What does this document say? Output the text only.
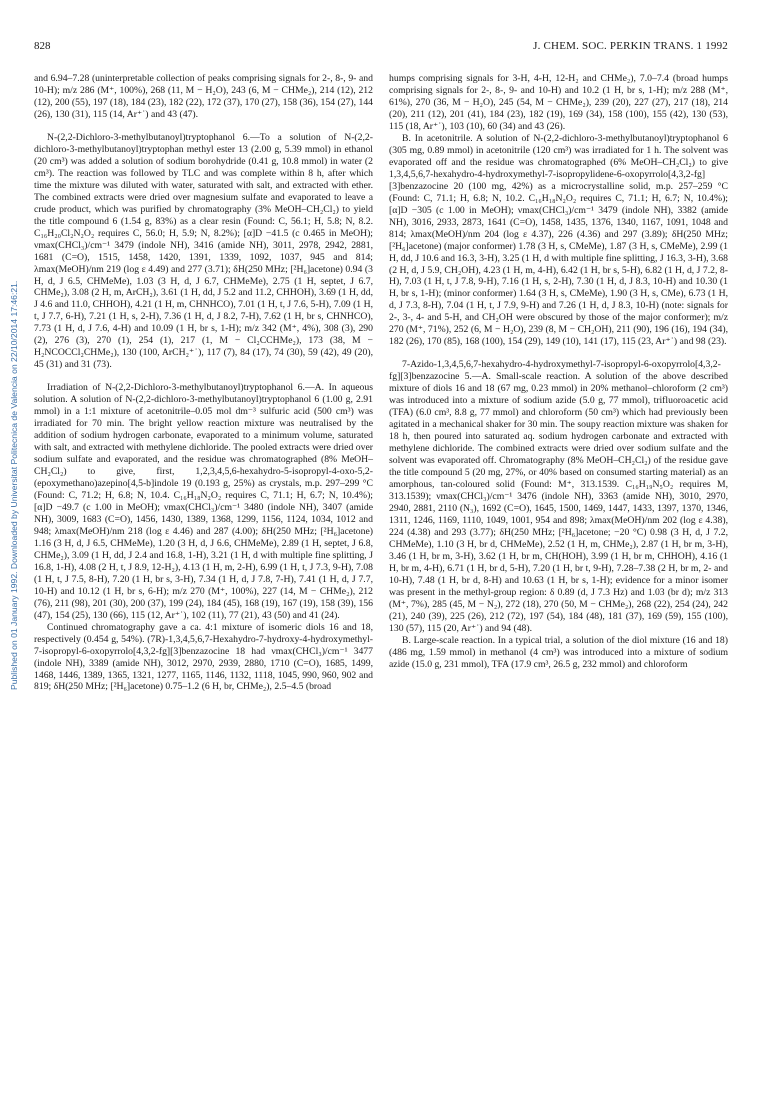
828	J. CHEM. SOC. PERKIN TRANS. 1 1992
Published on 01 January 1992. Downloaded by Universitat Politecnica de Valencia on 22/10/2014 17:46:21.

and 6.94–7.28 (uninterpretable collection of peaks comprising signals for 2-, 8-, 9- and 10-H); m/z 286 (M⁺, 100%), 268 (11, M − H₂O), 243 (6, M − CHMe₂), 214 (12), 212 (12), 200 (55), 197 (18), 184 (23), 182 (22), 172 (37), 170 (27), 158 (36), 154 (27), 144 (26), 130 (31), 115 (14, Ar⁺˙) and 43 (47).

N-(2,2-Dichloro-3-methylbutanoyl)tryptophanol 6.—To a solution of N-(2,2-dichloro-3-methylbutanoyl)tryptophan methyl ester 13 (2.00 g, 5.39 mmol) in ethanol (20 cm³) was added a solution of sodium borohydride (0.41 g, 10.8 mmol) in water (2 cm³). The reaction was followed by TLC and was complete within 8 h, after which time the mixture was diluted with water, saturated with salt, and extracted with ether. The combined extracts were dried over magnesium sulfate and evaporated to leave a crude product, which was purified by chromatography (3% MeOH–CH₂Cl₂) to yield the title compound 6 (1.54 g, 83%) as a clear resin (Found: C, 56.1; H, 5.8; N, 8.2. C₁₆H₂₀Cl₂N₂O₂ requires C, 56.0; H, 5.9; N, 8.2%); [α]D −41.5 (c 0.465 in MeOH); νmax(CHCl₃)/cm⁻¹ 3479 (indole NH), 3416 (amide NH), 3011, 2978, 2942, 2881, 1681 (C=O), 1515, 1458, 1420, 1391, 1339, 1092, 1037, 945 and 814; λmax(MeOH)/nm 219 (log ε 4.49) and 277 (3.71); δH(250 MHz; [²H₆]acetone) 0.94 (3 H, d, J 6.5, CHMeMe), 1.03 (3 H, d, J 6.7, CHMeMe), 2.75 (1 H, septet, J 6.7, CHMe₂), 3.08 (2 H, m, ArCH₂), 3.61 (1 H, dd, J 5.2 and 11.2, CHHOH), 3.69 (1 H, dd, J 4.6 and 11.0, CHHOH), 4.21 (1 H, m, CHNHCO), 7.01 (1 H, t, J 7.6, 5-H), 7.09 (1 H, t, J 7.7, 6-H), 7.21 (1 H, s, 2-H), 7.36 (1 H, d, J 8.2, 7-H), 7.62 (1 H, br s, CHNHCO), 7.73 (1 H, d, J 7.6, 4-H) and 10.09 (1 H, br s, 1-H); m/z 342 (M⁺, 4%), 308 (3), 290 (2), 276 (3), 270 (1), 254 (1), 217 (1, M − Cl₂CCHMe₂), 173 (38, M − H₂NCOCCl₂CHMe₂), 130 (100, ArCH₂⁺˙), 117 (7), 84 (17), 74 (30), 59 (42), 49 (20), 45 (31) and 31 (73).

Irradiation of N-(2,2-Dichloro-3-methylbutanoyl)tryptophanol 6.—A. In aqueous solution. A solution of N-(2,2-dichloro-3-methylbutanoyl)tryptophanol 6 (1.00 g, 2.91 mmol) in a 1:1 mixture of acetonitrile–0.05 mol dm⁻³ sulfuric acid (500 cm³) was irradiated for 70 min. The bright yellow reaction mixture was neutralised by the addition of sodium hydrogen carbonate, evaporated to a minimum volume, saturated with salt, and extracted with methylene dichloride. The pooled extracts were dried over sodium sulfate and evaporated, and the residue was chromatographed (8% MeOH–CH₂Cl₂) to give, first, 1,2,3,4,5,6-hexahydro-5-isopropyl-4-oxo-5,2-(epoxymethano)azepino[4,5-b]indole 19 (0.193 g, 25%) as crystals, m.p. 297–299 °C (Found: C, 71.2; H, 6.8; N, 10.4. C₁₆H₁₈N₂O₂ requires C, 71.1; H, 6.7; N, 10.4%); [α]D −49.7 (c 1.00 in MeOH); νmax(CHCl₃)/cm⁻¹ 3480 (indole NH), 3407 (amide NH), 3009, 1683 (C=O), 1456, 1430, 1389, 1368, 1299, 1156, 1124, 1034, 1012 and 948; λmax(MeOH)/nm 218 (log ε 4.46) and 287 (4.00); δH(250 MHz; [²H₆]acetone) 1.16 (3 H, d, J 6.5, CHMeMe), 1.20 (3 H, d, J 6.6, CHMeMe), 2.89 (1 H, septet, J 6.8, CHMe₂), 3.09 (1 H, dd, J 2.4 and 16.8, 1-H), 3.21 (1 H, d with multiple fine splitting, J 16.8, 1-H), 4.08 (2 H, t, J 8.9, 12-H₂), 4.13 (1 H, m, 2-H), 6.99 (1 H, t, J 7.3, 9-H), 7.08 (1 H, t, J 7.5, 8-H), 7.20 (1 H, br s, 3-H), 7.34 (1 H, d, J 7.8, 7-H), 7.41 (1 H, d, J 7.7, 10-H) and 10.12 (1 H, br s, 6-H); m/z 270 (M⁺, 100%), 227 (14, M − CHMe₂), 212 (76), 211 (98), 201 (30), 200 (37), 199 (24), 184 (45), 168 (19), 167 (19), 158 (39), 156 (47), 154 (25), 130 (66), 115 (12, Ar⁺˙), 102 (11), 77 (21), 43 (50) and 41 (24).

Continued chromatography gave a ca. 4:1 mixture of isomeric diols 16 and 18, respectively (0.454 g, 54%). (7R)-1,3,4,5,6,7-Hexahydro-7-hydroxy-4-hydroxymethyl-7-isopropyl-6-oxopyrrolo[4,3,2-fg][3]benzazocine 18 had νmax(CHCl₃)/cm⁻¹ 3477 (indole NH), 3389 (amide NH), 3012, 2970, 2939, 2880, 1710 (C=O), 1685, 1499, 1468, 1446, 1389, 1365, 1321, 1277, 1165, 1146, 1132, 1118, 1045, 990, 960, 902 and 819; δH(250 MHz; [²H₆]acetone) 0.75–1.2 (6 H, br, CHMe₂), 2.5–4.5 (broad

humps comprising signals for 3-H, 4-H, 12-H₂ and CHMe₂), 7.0–7.4 (broad humps comprising signals for 2-, 8-, 9- and 10-H) and 10.2 (1 H, br s, 1-H); m/z 288 (M⁺, 61%), 270 (36, M − H₂O), 245 (54, M − CHMe₂), 239 (20), 227 (27), 217 (18), 214 (20), 211 (12), 201 (41), 184 (23), 182 (19), 169 (34), 158 (100), 155 (42), 130 (53), 115 (18, Ar⁺˙), 103 (10), 60 (34) and 43 (26).

B. In acetonitrile. A solution of N-(2,2-dichloro-3-methylbutanoyl)tryptophanol 6 (305 mg, 0.89 mmol) in acetonitrile (120 cm³) was irradiated for 1 h. The solvent was evaporated off and the residue was chromatographed (6% MeOH–CH₂Cl₂) to give 1,3,4,5,6,7-hexahydro-4-hydroxymethyl-7-isopropylidene-6-oxopyrrolo[4,3,2-fg][3]benzazocine 20 (100 mg, 42%) as a microcrystalline solid, m.p. 257–259 °C (Found: C, 71.1; H, 6.8; N, 10.2. C₁₆H₁₈N₂O₂ requires C, 71.1; H, 6.7; N, 10.4%); [α]D −305 (c 1.00 in MeOH); νmax(CHCl₃)/cm⁻¹ 3479 (indole NH), 3382 (amide NH), 3016, 2933, 2873, 1641 (C=O), 1458, 1435, 1376, 1340, 1167, 1091, 1048 and 814; λmax(MeOH)/nm 204 (log ε 4.37), 226 (4.36) and 297 (3.89); δH(250 MHz; [²H₆]acetone) (major conformer) 1.78 (3 H, s, CMeMe), 1.87 (3 H, s, CMeMe), 2.99 (1 H, dd, J 10.6 and 16.3, 3-H), 3.25 (1 H, d with multiple fine splitting, J 16.3, 3-H), 3.68 (2 H, d, J 5.9, CH₂OH), 4.23 (1 H, m, 4-H), 6.42 (1 H, br s, 5-H), 6.82 (1 H, d, J 7.2, 8-H), 7.03 (1 H, t, J 7.8, 9-H), 7.16 (1 H, s, 2-H), 7.30 (1 H, d, J 8.3, 10-H) and 10.30 (1 H, br s, 1-H); (minor conformer) 1.64 (3 H, s, CMeMe), 1.90 (3 H, s, CMe), 6.73 (1 H, d, J 7.3, 8-H), 7.04 (1 H, t, J 7.9, 9-H) and 7.26 (1 H, d, J 8.3, 10-H) (note: signals for 2-, 3-, 4- and 5-H, and CH₂OH were obscured by those of the major conformer); m/z 270 (M⁺, 71%), 252 (6, M − H₂O), 239 (8, M − CH₂OH), 211 (90), 196 (16), 194 (34), 182 (26), 170 (85), 168 (100), 154 (29), 149 (10), 141 (17), 115 (23, Ar⁺˙) and 98 (23).

7-Azido-1,3,4,5,6,7-hexahydro-4-hydroxymethyl-7-isopropyl-6-oxopyrrolo[4,3,2-fg][3]benzazocine 5.—A. Small-scale reaction. A solution of the above described mixture of diols 16 and 18 (67 mg, 0.23 mmol) in 20% methanol–chloroform (2 cm³) was introduced into a mixture of sodium azide (5.0 g, 77 mmol), trifluoroacetic acid (TFA) (6.0 cm³, 8.8 g, 77 mmol) and chloroform (50 cm³) which had previously been agitated in a mechanical shaker for 30 min. The soupy reaction mixture was shaken for 18 h, then poured into saturated aq. sodium hydrogen carbonate and extracted with methylene dichloride. The combined extracts were dried over sodium sulfate and the solvent was evaporated off. Chromatography (8% MeOH–CH₂Cl₂) of the residue gave the title compound 5 (20 mg, 27%, or 40% based on consumed starting material) as an amorphous, tan-coloured solid (Found: M⁺, 313.1539. C₁₆H₁₉N₅O₂ requires M, 313.1539); νmax(CHCl₃)/cm⁻¹ 3476 (indole NH), 3363 (amide NH), 3010, 2970, 2940, 2881, 2110 (N₃), 1692 (C=O), 1645, 1500, 1469, 1447, 1433, 1397, 1370, 1346, 1311, 1246, 1169, 1110, 1049, 1001, 954 and 898; λmax(MeOH)/nm 202 (log ε 4.38), 224 (4.38) and 293 (3.77); δH(250 MHz; [²H₆]acetone; −20 °C) 0.98 (3 H, d, J 7.2, CHMeMe), 1.10 (3 H, br d, CHMeMe), 2.52 (1 H, m, CHMe₂), 2.87 (1 H, br m, 3-H), 3.46 (1 H, br m, 3-H), 3.62 (1 H, br m, CH(HOH), 3.99 (1 H, br m, CHHOH), 4.16 (1 H, br m, 4-H), 6.71 (1 H, br d, 5-H), 7.20 (1 H, br t, 9-H), 7.28–7.38 (2 H, br m, 2- and 10-H), 7.48 (1 H, br d, 8-H) and 10.63 (1 H, br s, 1-H); evidence for a minor isomer was present in the methyl-group region: δ 0.89 (d, J 7.3 Hz) and 1.03 (br d); m/z 313 (M⁺, 7%), 285 (45, M − N₂), 272 (18), 270 (50, M − CHMe₂), 268 (22), 254 (24), 242 (21), 240 (39), 225 (26), 212 (72), 197 (54), 184 (48), 181 (37), 169 (59), 155 (100), 130 (57), 115 (20, Ar⁺˙) and 94 (48).

B. Large-scale reaction. In a typical trial, a solution of the diol mixture (16 and 18) (486 mg, 1.59 mmol) in methanol (4 cm³) was introduced into a mixture of sodium azide (15.0 g, 231 mmol), TFA (17.9 cm³, 26.5 g, 232 mmol) and chloroform
